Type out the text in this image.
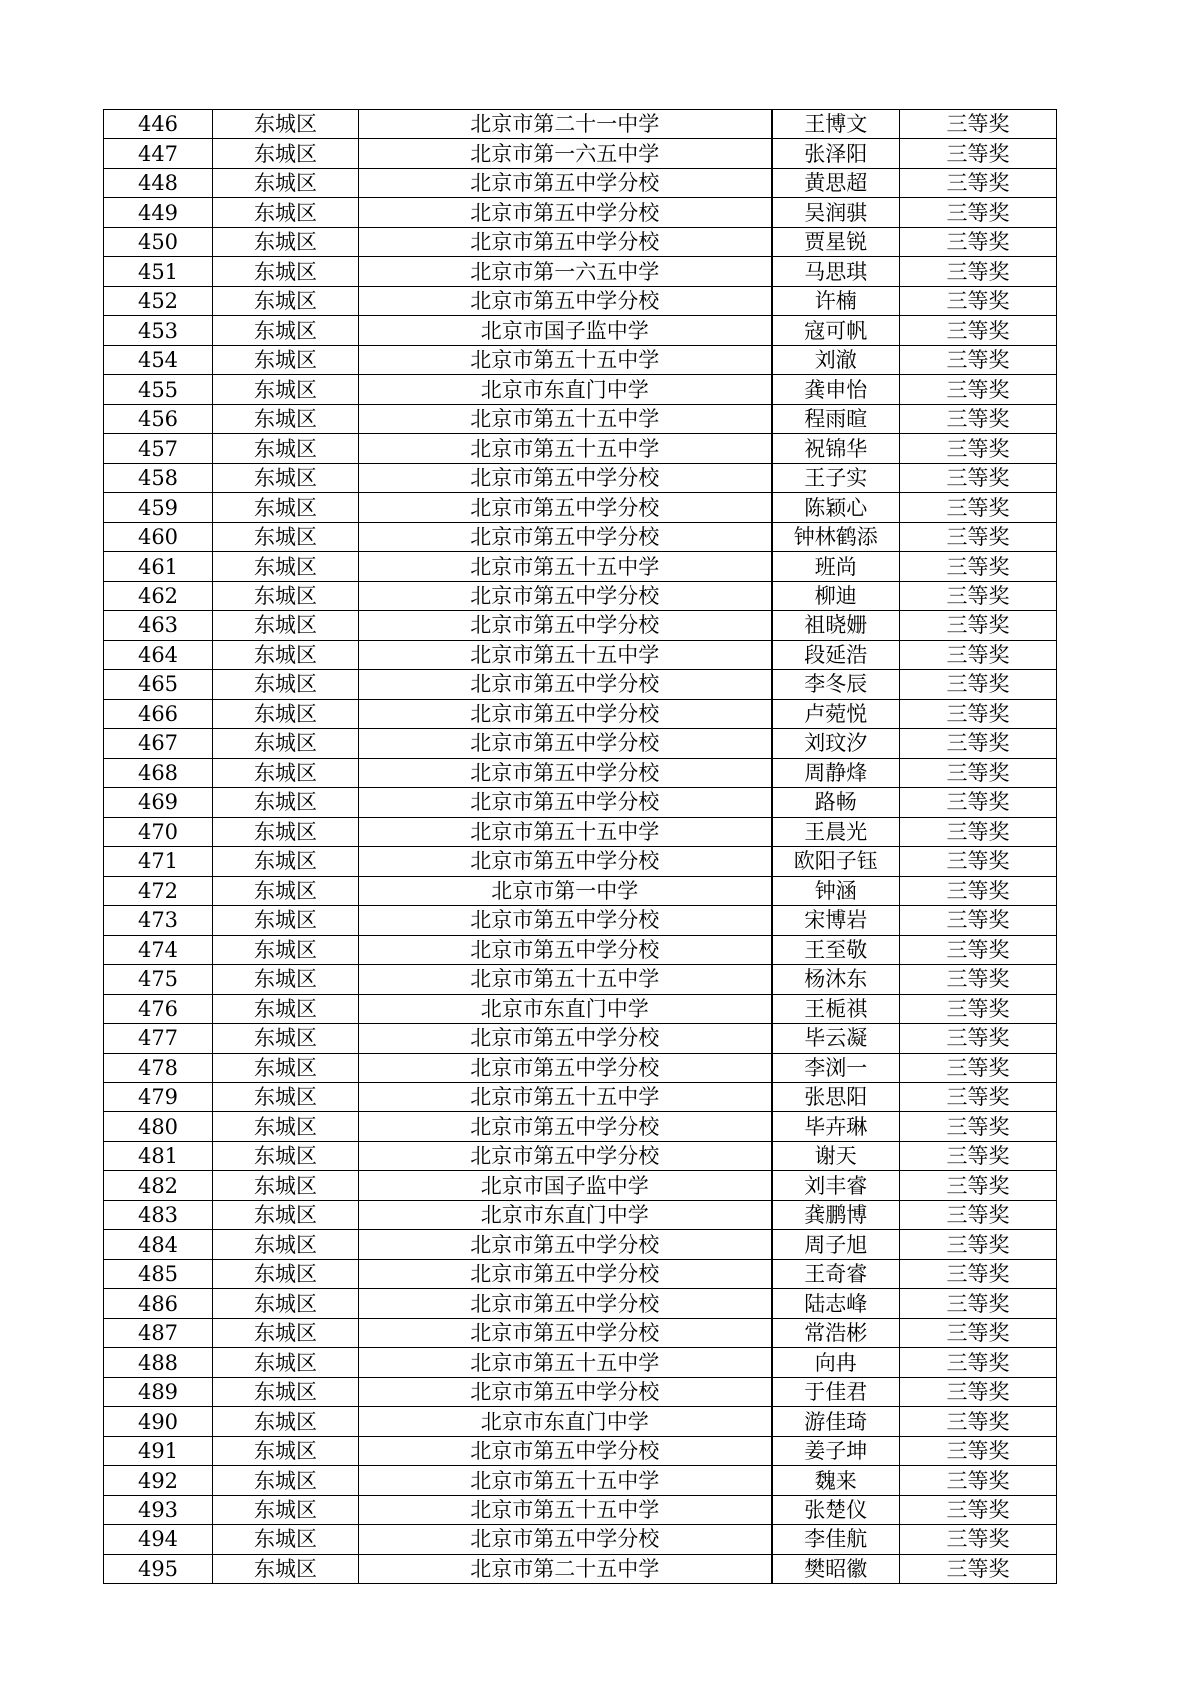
446	东城区	北京市第二十一中学	王博文	三等奖
447	东城区	北京市第一六五中学	张泽阳	三等奖
448	东城区	北京市第五中学分校	黄思超	三等奖
449	东城区	北京市第五中学分校	吴润骐	三等奖
450	东城区	北京市第五中学分校	贾星锐	三等奖
451	东城区	北京市第一六五中学	马思琪	三等奖
452	东城区	北京市第五中学分校	许楠	三等奖
453	东城区	北京市国子监中学	寇可帆	三等奖
454	东城区	北京市第五十五中学	刘澈	三等奖
455	东城区	北京市东直门中学	龚申怡	三等奖
456	东城区	北京市第五十五中学	程雨暄	三等奖
457	东城区	北京市第五十五中学	祝锦华	三等奖
458	东城区	北京市第五中学分校	王子实	三等奖
459	东城区	北京市第五中学分校	陈颖心	三等奖
460	东城区	北京市第五中学分校	钟林鹤添	三等奖
461	东城区	北京市第五十五中学	班尚	三等奖
462	东城区	北京市第五中学分校	柳迪	三等奖
463	东城区	北京市第五中学分校	祖晓姗	三等奖
464	东城区	北京市第五十五中学	段延浩	三等奖
465	东城区	北京市第五中学分校	李冬辰	三等奖
466	东城区	北京市第五中学分校	卢菀悦	三等奖
467	东城区	北京市第五中学分校	刘玟汐	三等奖
468	东城区	北京市第五中学分校	周静烽	三等奖
469	东城区	北京市第五中学分校	路畅	三等奖
470	东城区	北京市第五十五中学	王晨光	三等奖
471	东城区	北京市第五中学分校	欧阳子钰	三等奖
472	东城区	北京市第一中学	钟涵	三等奖
473	东城区	北京市第五中学分校	宋博岩	三等奖
474	东城区	北京市第五中学分校	王至敬	三等奖
475	东城区	北京市第五十五中学	杨沐东	三等奖
476	东城区	北京市东直门中学	王栀祺	三等奖
477	东城区	北京市第五中学分校	毕云凝	三等奖
478	东城区	北京市第五中学分校	李浏一	三等奖
479	东城区	北京市第五十五中学	张思阳	三等奖
480	东城区	北京市第五中学分校	毕卉琳	三等奖
481	东城区	北京市第五中学分校	谢天	三等奖
482	东城区	北京市国子监中学	刘丰睿	三等奖
483	东城区	北京市东直门中学	龚鹏博	三等奖
484	东城区	北京市第五中学分校	周子旭	三等奖
485	东城区	北京市第五中学分校	王奇睿	三等奖
486	东城区	北京市第五中学分校	陆志峰	三等奖
487	东城区	北京市第五中学分校	常浩彬	三等奖
488	东城区	北京市第五十五中学	向冉	三等奖
489	东城区	北京市第五中学分校	于佳君	三等奖
490	东城区	北京市东直门中学	游佳琦	三等奖
491	东城区	北京市第五中学分校	姜子坤	三等奖
492	东城区	北京市第五十五中学	魏来	三等奖
493	东城区	北京市第五十五中学	张楚仪	三等奖
494	东城区	北京市第五中学分校	李佳航	三等奖
495	东城区	北京市第二十五中学	樊昭徽	三等奖
